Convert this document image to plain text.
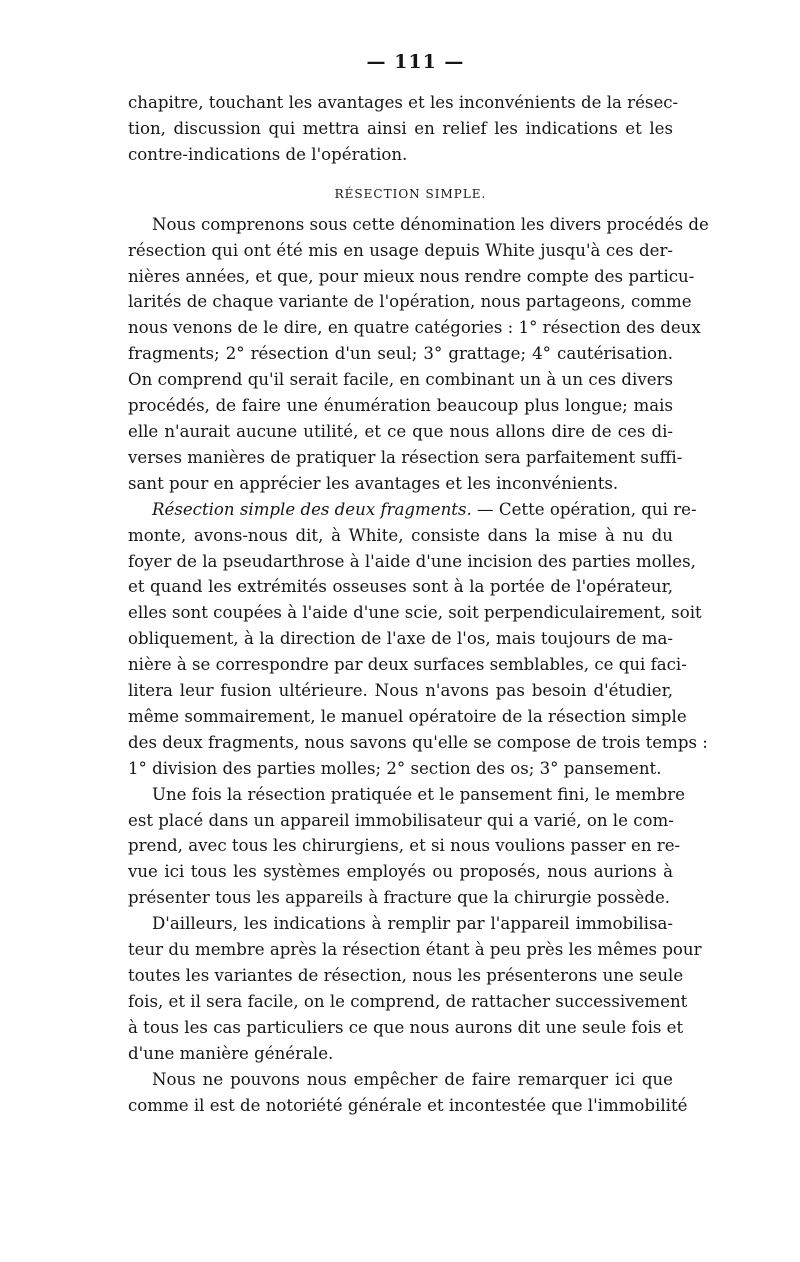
— 111 —
chapitre, touchant les avantages et les inconvénients de la résec-
tion, discussion qui mettra ainsi en relief les indications et les
contre-indications de l'opération.
RÉSECTION SIMPLE.
Nous comprenons sous cette dénomination les divers procédés de
résection qui ont été mis en usage depuis White jusqu'à ces der-
nières années, et que, pour mieux nous rendre compte des particu-
larités de chaque variante de l'opération, nous partageons, comme
nous venons de le dire, en quatre catégories : 1° résection des deux
fragments; 2° résection d'un seul; 3° grattage; 4° cautérisation.
On comprend qu'il serait facile, en combinant un à un ces divers
procédés, de faire une énumération beaucoup plus longue; mais
elle n'aurait aucune utilité, et ce que nous allons dire de ces di-
verses manières de pratiquer la résection sera parfaitement suffi-
sant pour en apprécier les avantages et les inconvénients.
Résection simple des deux fragments. — Cette opération, qui re-
monte, avons-nous dit, à White, consiste dans la mise à nu du
foyer de la pseudarthrose à l'aide d'une incision des parties molles,
et quand les extrémités osseuses sont à la portée de l'opérateur,
elles sont coupées à l'aide d'une scie, soit perpendiculairement, soit
obliquement, à la direction de l'axe de l'os, mais toujours de ma-
nière à se correspondre par deux surfaces semblables, ce qui faci-
litera leur fusion ultérieure. Nous n'avons pas besoin d'étudier,
même sommairement, le manuel opératoire de la résection simple
des deux fragments, nous savons qu'elle se compose de trois temps :
1° division des parties molles; 2° section des os; 3° pansement.
Une fois la résection pratiquée et le pansement fini, le membre
est placé dans un appareil immobilisateur qui a varié, on le com-
prend, avec tous les chirurgiens, et si nous voulions passer en re-
vue ici tous les systèmes employés ou proposés, nous aurions à
présenter tous les appareils à fracture que la chirurgie possède.
D'ailleurs, les indications à remplir par l'appareil immobilisa-
teur du membre après la résection étant à peu près les mêmes pour
toutes les variantes de résection, nous les présenterons une seule
fois, et il sera facile, on le comprend, de rattacher successivement
à tous les cas particuliers ce que nous aurons dit une seule fois et
d'une manière générale.
Nous ne pouvons nous empêcher de faire remarquer ici que
comme il est de notoriété générale et incontestée que l'immobilité
